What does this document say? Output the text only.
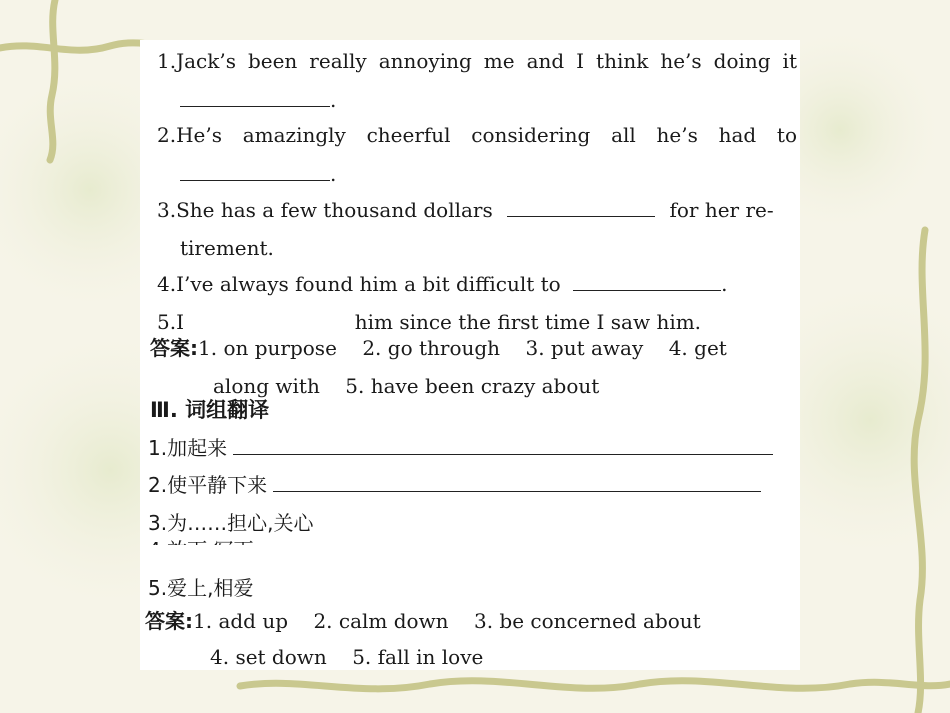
1.Jack’s been really annoying me and I think he’s doing it
.
2.He’s amazingly cheerful considering all he’s had to
.
3.She has a few thousand dollars	for her re-
tirement.
4.I’ve always found him a bit difficult to	.
5.I	him since the first time I saw him.
答案:1. on purpose    2. go through    3. put away    4. get
along with    5. have been crazy about
Ⅲ. 词组翻译
1.加起来
2.使平静下来
3.为……担心,关心
5.爱上,相爱
答案:1. add up    2. calm down    3. be concerned about
4. set down    5. fall in love
